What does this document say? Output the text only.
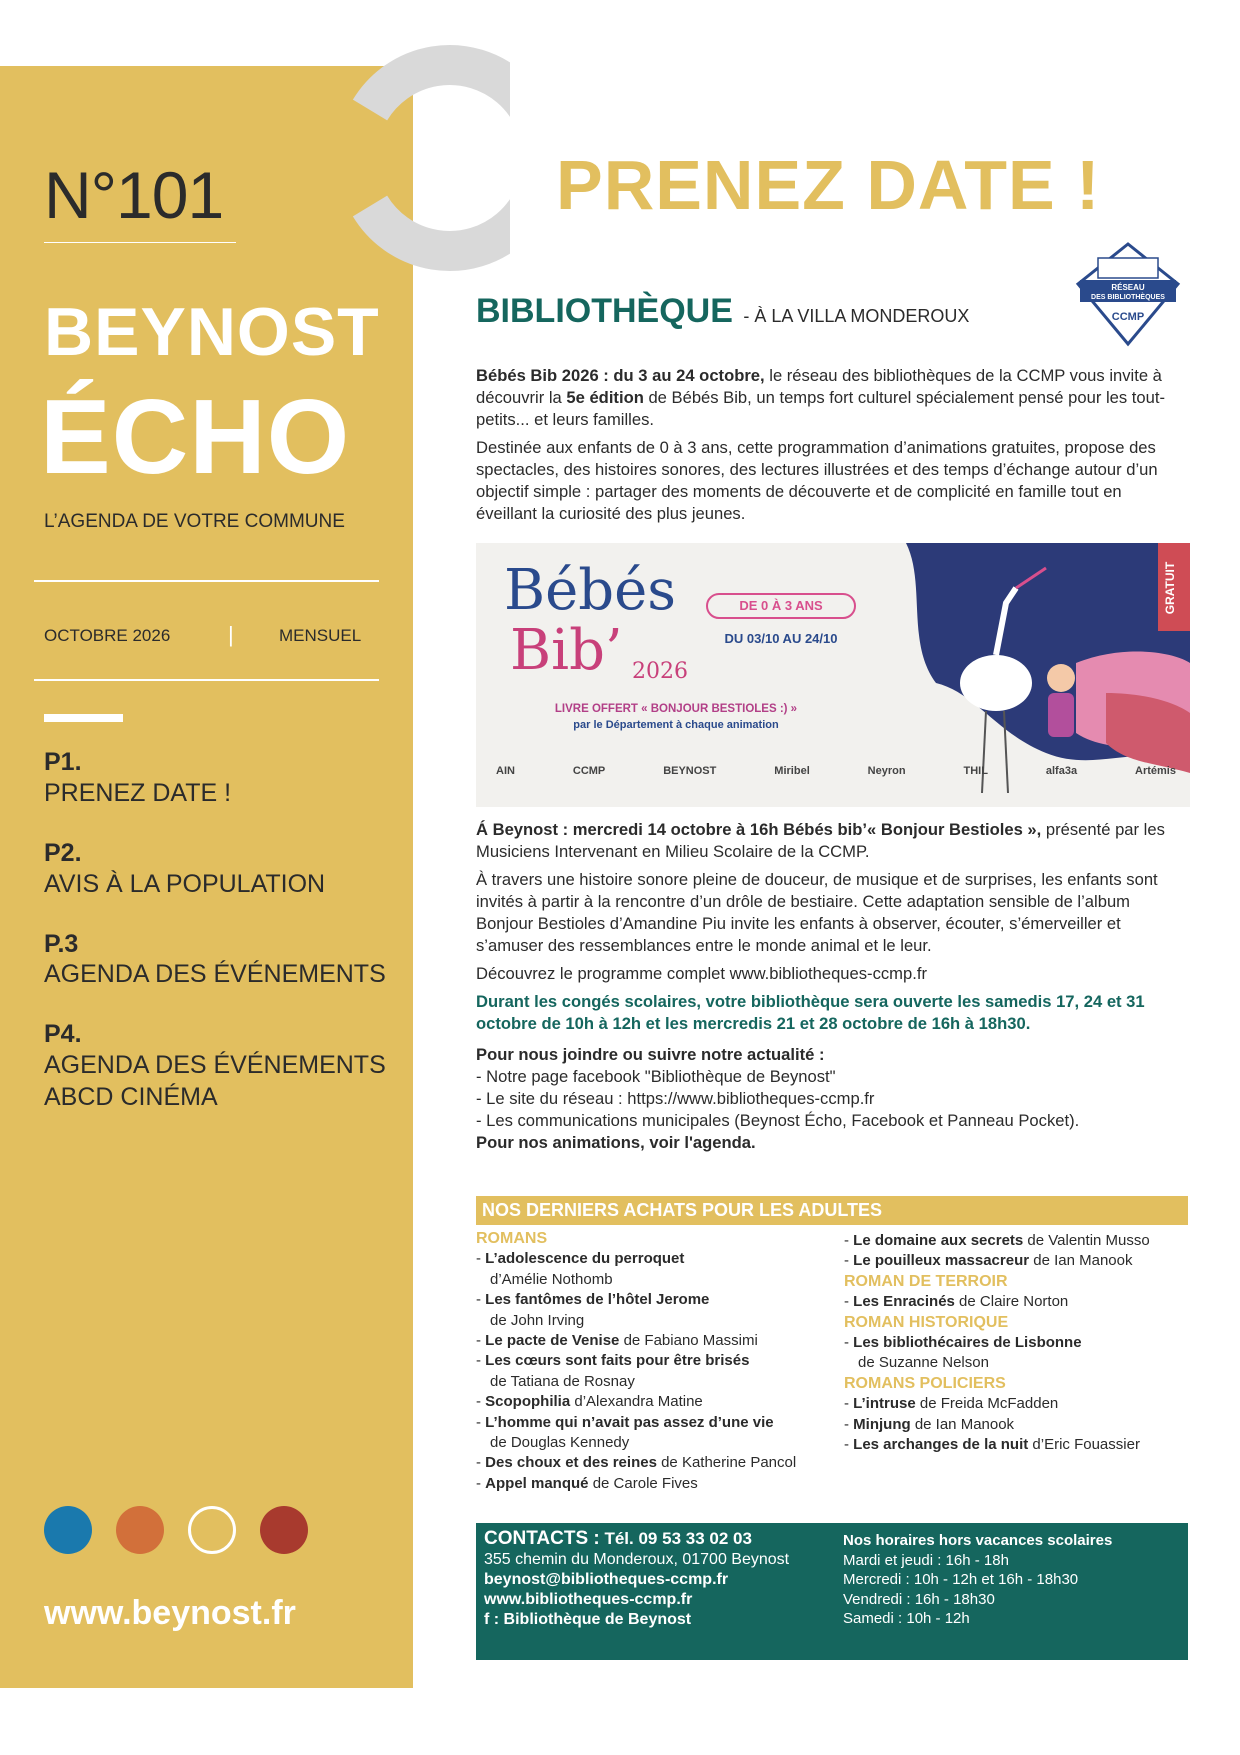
N°101
BEYNOST
ÉCHO
L’AGENDA DE VOTRE COMMUNE
OCTOBRE 2026	|	MENSUEL
P1.
PRENEZ DATE !
P2.
AVIS À LA POPULATION
P.3
AGENDA DES ÉVÉNEMENTS
P4.
AGENDA DES ÉVÉNEMENTS
ABCD CINÉMA
www.beynost.fr
PRENEZ DATE !
BIBLIOTHÈQUE - À LA VILLA MONDEROUX
RÉSEAU
DES BIBLIOTHÈQUES
CCMP

Bébés Bib 2026 : du 3 au 24 octobre, le réseau des bibliothèques de la CCMP vous invite à découvrir la 5e édition de Bébés Bib, un temps fort culturel spécialement pensé pour les tout-petits... et leurs familles.

Destinée aux enfants de 0 à 3 ans, cette programmation d’animations gratuites, propose des spectacles, des histoires sonores, des lectures illustrées et des temps d’échange autour d’un objectif simple : partager des moments de découverte et de complicité en famille tout en éveillant la curiosité des plus jeunes.

Bébés
Bib’ 2026
DE 0 À 3 ANS
DU 03/10 AU 24/10
LIVRE OFFERT « BONJOUR BESTIOLES :) »
par le Département à chaque animation
GRATUIT
AIN	CCMP	BEYNOST	Miribel	Neyron	THIL	alfa3a	Artémis

Á Beynost : mercredi 14 octobre à 16h Bébés bib’« Bonjour Bestioles », présenté par les Musiciens Intervenant en Milieu Scolaire de la CCMP.

À travers une histoire sonore pleine de douceur, de musique et de surprises, les enfants sont invités à partir à la rencontre d’un drôle de bestiaire. Cette adaptation sensible de l’album Bonjour Bestioles d’Amandine Piu invite les enfants à observer, écouter, s’émerveiller et s’amuser des ressemblances entre le monde animal et le leur.

Découvrez le programme complet www.bibliotheques-ccmp.fr

Durant les congés scolaires, votre bibliothèque sera ouverte les samedis 17, 24 et 31 octobre de 10h à 12h et les mercredis 21 et 28 octobre de 16h à 18h30.

Pour nous joindre ou suivre notre actualité :
- Notre page facebook "Bibliothèque de Beynost"
- Le site du réseau : https://www.bibliotheques-ccmp.fr
- Les communications municipales (Beynost Écho, Facebook et Panneau Pocket).
Pour nos animations, voir l'agenda.
NOS DERNIERS ACHATS POUR LES ADULTES
ROMANS
- L’adolescence du perroquet
d’Amélie Nothomb
- Les fantômes de l’hôtel Jerome
de John Irving
- Le pacte de Venise de Fabiano Massimi
- Les cœurs sont faits pour être brisés
de Tatiana de Rosnay
- Scopophilia d’Alexandra Matine
- L’homme qui n’avait pas assez d’une vie
de Douglas Kennedy
- Des choux et des reines de Katherine Pancol
- Appel manqué de Carole Fives
- Le domaine aux secrets de Valentin Musso
- Le pouilleux massacreur de Ian Manook
ROMAN DE TERROIR
- Les Enracinés de Claire Norton
ROMAN HISTORIQUE
- Les bibliothécaires de Lisbonne
de Suzanne Nelson
ROMANS POLICIERS
- L’intruse de Freida McFadden
- Minjung de Ian Manook
- Les archanges de la nuit d’Eric Fouassier
CONTACTS : Tél. 09 53 33 02 03
355 chemin du Monderoux, 01700 Beynost
beynost@bibliotheques-ccmp.fr
www.bibliotheques-ccmp.fr
f : Bibliothèque de Beynost
Nos horaires hors vacances scolaires
Mardi et jeudi : 16h - 18h
Mercredi : 10h - 12h et 16h - 18h30
Vendredi : 16h - 18h30
Samedi : 10h - 12h
